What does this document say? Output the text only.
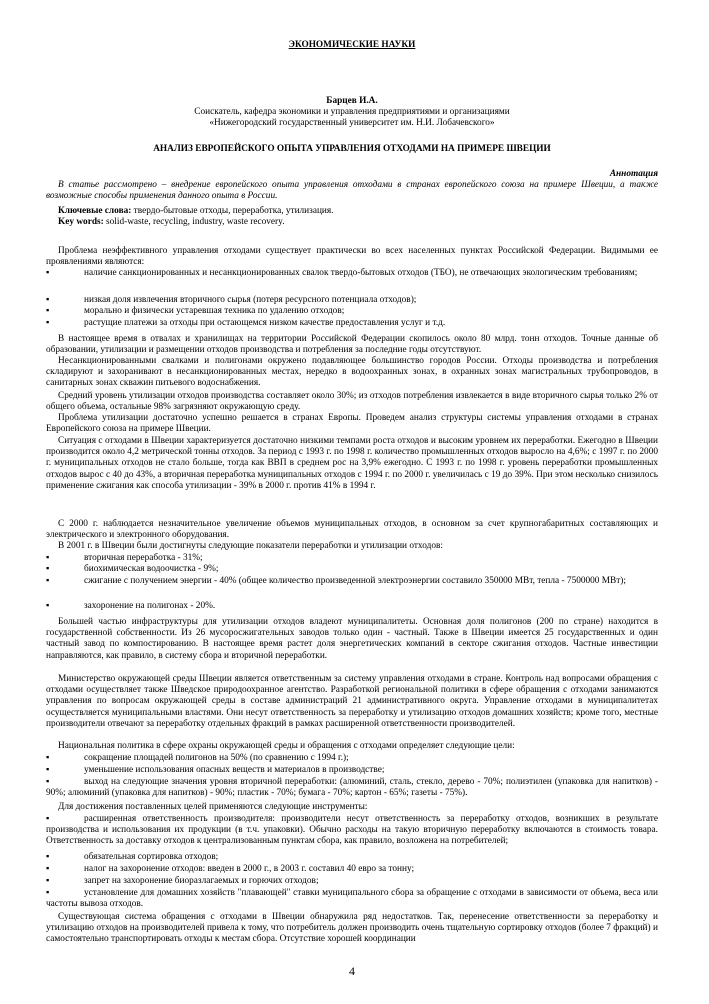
ЭКОНОМИЧЕСКИЕ НАУКИ

Барцев И.А.

Соискатель, кафедра экономики и управления предприятиями и организациями

«Нижегородский государственный университет им. Н.И. Лобачевского»

АНАЛИЗ ЕВРОПЕЙСКОГО ОПЫТА УПРАВЛЕНИЯ ОТХОДАМИ НА ПРИМЕРЕ ШВЕЦИИ

Аннотация

В статье рассмотрено – внедрение европейского опыта управления отходами в странах европейского союза на примере Швеции, а также возможные способы применения данного опыта в России.

Ключевые слова: твердо-бытовые отходы, переработка, утилизация.

Key words: solid-waste, recycling, industry, waste recovery.

Проблема неэффективного управления отходами существует практически во всех населенных пунктах Российской Федерации. Видимыми ее проявлениями являются:

▪	наличие санкционированных и несанкционированных свалок твердо-бытовых отходов (ТБО), не отвечающих экологическим требованиям;

▪	низкая доля извлечения вторичного сырья (потеря ресурсного потенциала отходов);

▪	морально и физически устаревшая техника по удалению отходов;

▪	растущие платежи за отходы при остающемся низком качестве предоставления услуг и т.д.

В настоящее время в отвалах и хранилищах на территории Российской Федерации скопилось около 80 млрд. тонн отходов. Точные данные об образовании, утилизации и размещении отходов производства и потребления за последние годы отсутствуют.

Несанкционированными свалками и полигонами окружено подавляющее большинство городов России. Отходы производства и потребления складируют и захоранивают в несанкционированных местах, нередко в водоохранных зонах, в охранных зонах магистральных трубопроводов, в санитарных зонах скважин питьевого водоснабжения.

Средний уровень утилизации отходов производства составляет около 30%; из отходов потребления извлекается в виде вторичного сырья только 2% от общего объема, остальные 98% загрязняют окружающую среду.

Проблема утилизации достаточно успешно решается в странах Европы. Проведем анализ структуры системы управления отходами в странах Европейского союза на примере Швеции.

Ситуация с отходами в Швеции характеризуется достаточно низкими темпами роста отходов и высоким уровнем их переработки. Ежегодно в Швеции производится около 4,2 метрической тонны отходов. За период с 1993 г. по 1998 г. количество промышленных отходов выросло на 4,6%; с 1997 г. по 2000 г. муниципальных отходов не стало больше, тогда как ВВП в среднем рос на 3,9% ежегодно. С 1993 г. по 1998 г. уровень переработки промышленных отходов вырос с 40 до 43%, а вторичная переработка муниципальных отходов с 1994 г. по 2000 г. увеличилась с 19 до 39%. При этом несколько снизилось применение сжигания как способа утилизации - 39% в 2000 г. против 41% в 1994 г.

С 2000 г. наблюдается незначительное увеличение объемов муниципальных отходов, в основном за счет крупногабаритных составляющих и электрического и электронного оборудования.

В 2001 г. в Швеции были достигнуты следующие показатели переработки и утилизации отходов:

▪	вторичная переработка - 31%;

▪	биохимическая водоочистка - 9%;

▪	сжигание с получением энергии - 40% (общее количество произведенной электроэнергии составило 350000 МВт, тепла - 7500000 МВт);

▪	захоронение на полигонах - 20%.

Большей частью инфраструктуры для утилизации отходов владеют муниципалитеты. Основная доля полигонов (200 по стране) находится в государственной собственности. Из 26 мусоросжигательных заводов только один - частный. Также в Швеции имеется 25 государственных и один частный завод по компостированию. В настоящее время растет доля энергетических компаний в секторе сжигания отходов. Частные инвестиции направляются, как правило, в систему сбора и вторичной переработки.

Министерство окружающей среды Швеции является ответственным за систему управления отходами в стране. Контроль над вопросами обращения с отходами осуществляет также Шведское природоохранное агентство. Разработкой региональной политики в сфере обращения с отходами занимаются управления по вопросам окружающей среды в составе администраций 21 административного округа. Управление отходами в муниципалитетах осуществляется муниципальными властями. Они несут ответственность за переработку и утилизацию отходов домашних хозяйств; кроме того, местные производители отвечают за переработку отдельных фракций в рамках расширенной ответственности производителей.

Национальная политика в сфере охраны окружающей среды и обращения с отходами определяет следующие цели:

▪	сокращение площадей полигонов на 50% (по сравнению с 1994 г.);

▪	уменьшение использования опасных веществ и материалов в производстве;

▪	выход на следующие значения уровня вторичной переработки: (алюминий, сталь, стекло, дерево - 70%; полиэтилен (упаковка для напитков) - 90%; алюминий (упаковка для напитков) - 90%; пластик - 70%; бумага - 70%; картон - 65%; газеты - 75%).

Для достижения поставленных целей применяются следующие инструменты:

▪	расширенная ответственность производителя: производители несут ответственность за переработку отходов, возникших в результате производства и использования их продукции (в т.ч. упаковки). Обычно расходы на такую вторичную переработку включаются в стоимость товара. Ответственность за доставку отходов к централизованным пунктам сбора, как правило, возложена на потребителей;

▪	обязательная сортировка отходов;

▪	налог на захоронение отходов: введен в 2000 г., в 2003 г. составил 40 евро за тонну;

▪	запрет на захоронение биоразлагаемых и горючих отходов;

▪	установление для домашних хозяйств "плавающей" ставки муниципального сбора за обращение с отходами в зависимости от объема, веса или частоты вывоза отходов.

Существующая система обращения с отходами в Швеции обнаружила ряд недостатков. Так, перенесение ответственности за переработку и утилизацию отходов на производителей привела к тому, что потребитель должен производить очень тщательную сортировку отходов (более 7 фракций) и самостоятельно транспортировать отходы к местам сбора. Отсутствие хорошей координации

4
